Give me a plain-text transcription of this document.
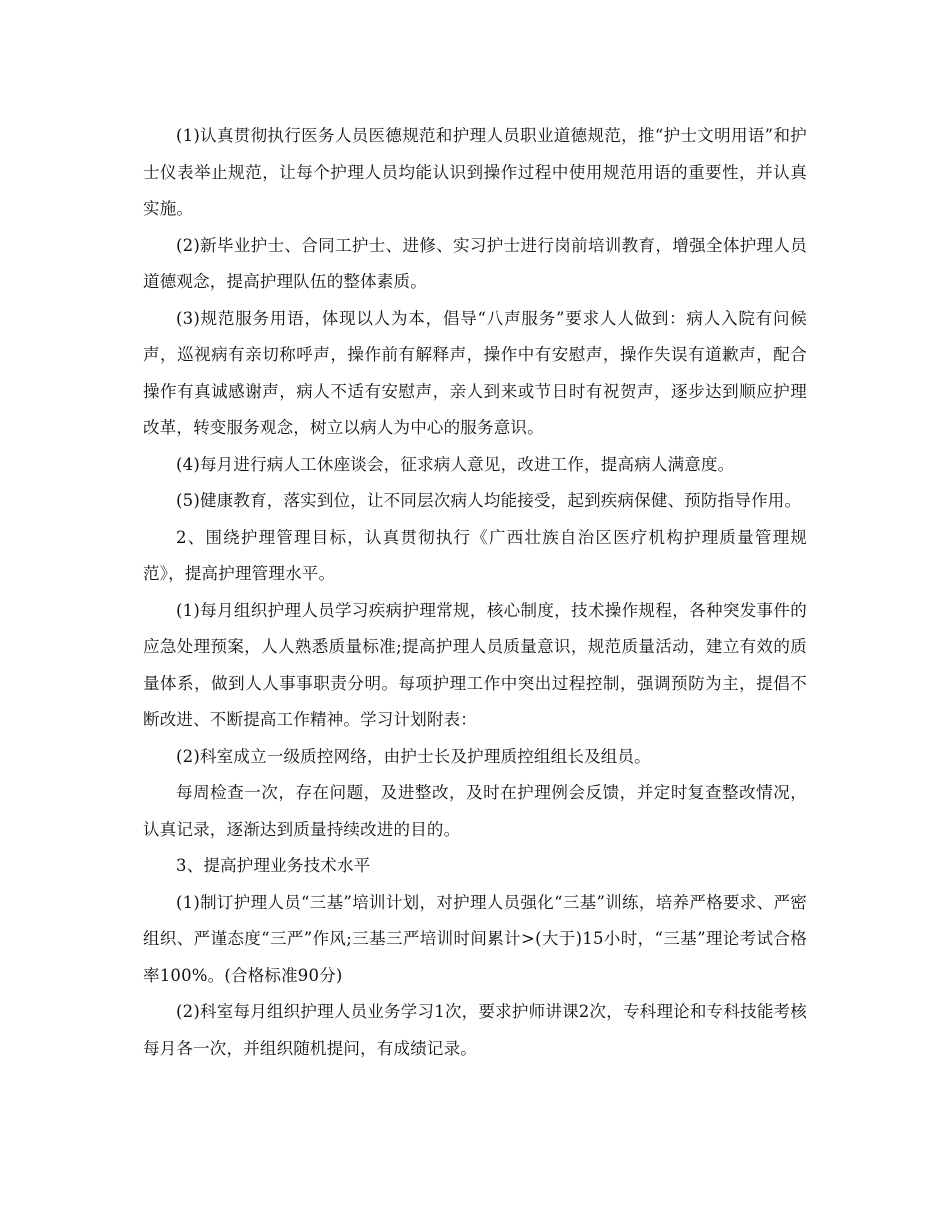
(1)认真贯彻执行医务人员医德规范和护理人员职业道德规范，推“护士文明用语”和护士仪表举止规范，让每个护理人员均能认识到操作过程中使用规范用语的重要性，并认真实施。

(2)新毕业护士、合同工护士、进修、实习护士进行岗前培训教育，增强全体护理人员道德观念，提高护理队伍的整体素质。

(3)规范服务用语，体现以人为本，倡导“八声服务”要求人人做到：病人入院有问候声，巡视病有亲切称呼声，操作前有解释声，操作中有安慰声，操作失误有道歉声，配合操作有真诚感谢声，病人不适有安慰声，亲人到来或节日时有祝贺声，逐步达到顺应护理改革，转变服务观念，树立以病人为中心的服务意识。

(4)每月进行病人工休座谈会，征求病人意见，改进工作，提高病人满意度。

(5)健康教育，落实到位，让不同层次病人均能接受，起到疾病保健、预防指导作用。

2、围绕护理管理目标，认真贯彻执行《广西壮族自治区医疗机构护理质量管理规范》，提高护理管理水平。

(1)每月组织护理人员学习疾病护理常规，核心制度，技术操作规程，各种突发事件的应急处理预案，人人熟悉质量标准;提高护理人员质量意识，规范质量活动，建立有效的质量体系，做到人人事事职责分明。每项护理工作中突出过程控制，强调预防为主，提倡不断改进、不断提高工作精神。学习计划附表：

(2)科室成立一级质控网络，由护士长及护理质控组组长及组员。

每周检查一次，存在问题，及进整改，及时在护理例会反馈，并定时复查整改情况，认真记录，逐渐达到质量持续改进的目的。

3、提高护理业务技术水平

(1)制订护理人员“三基”培训计划，对护理人员强化“三基”训练，培养严格要求、严密组织、严谨态度“三严”作风;三基三严培训时间累计>(大于)15小时，“三基”理论考试合格率100%。(合格标准90分)

(2)科室每月组织护理人员业务学习1次，要求护师讲课2次，专科理论和专科技能考核每月各一次，并组织随机提问，有成绩记录。
